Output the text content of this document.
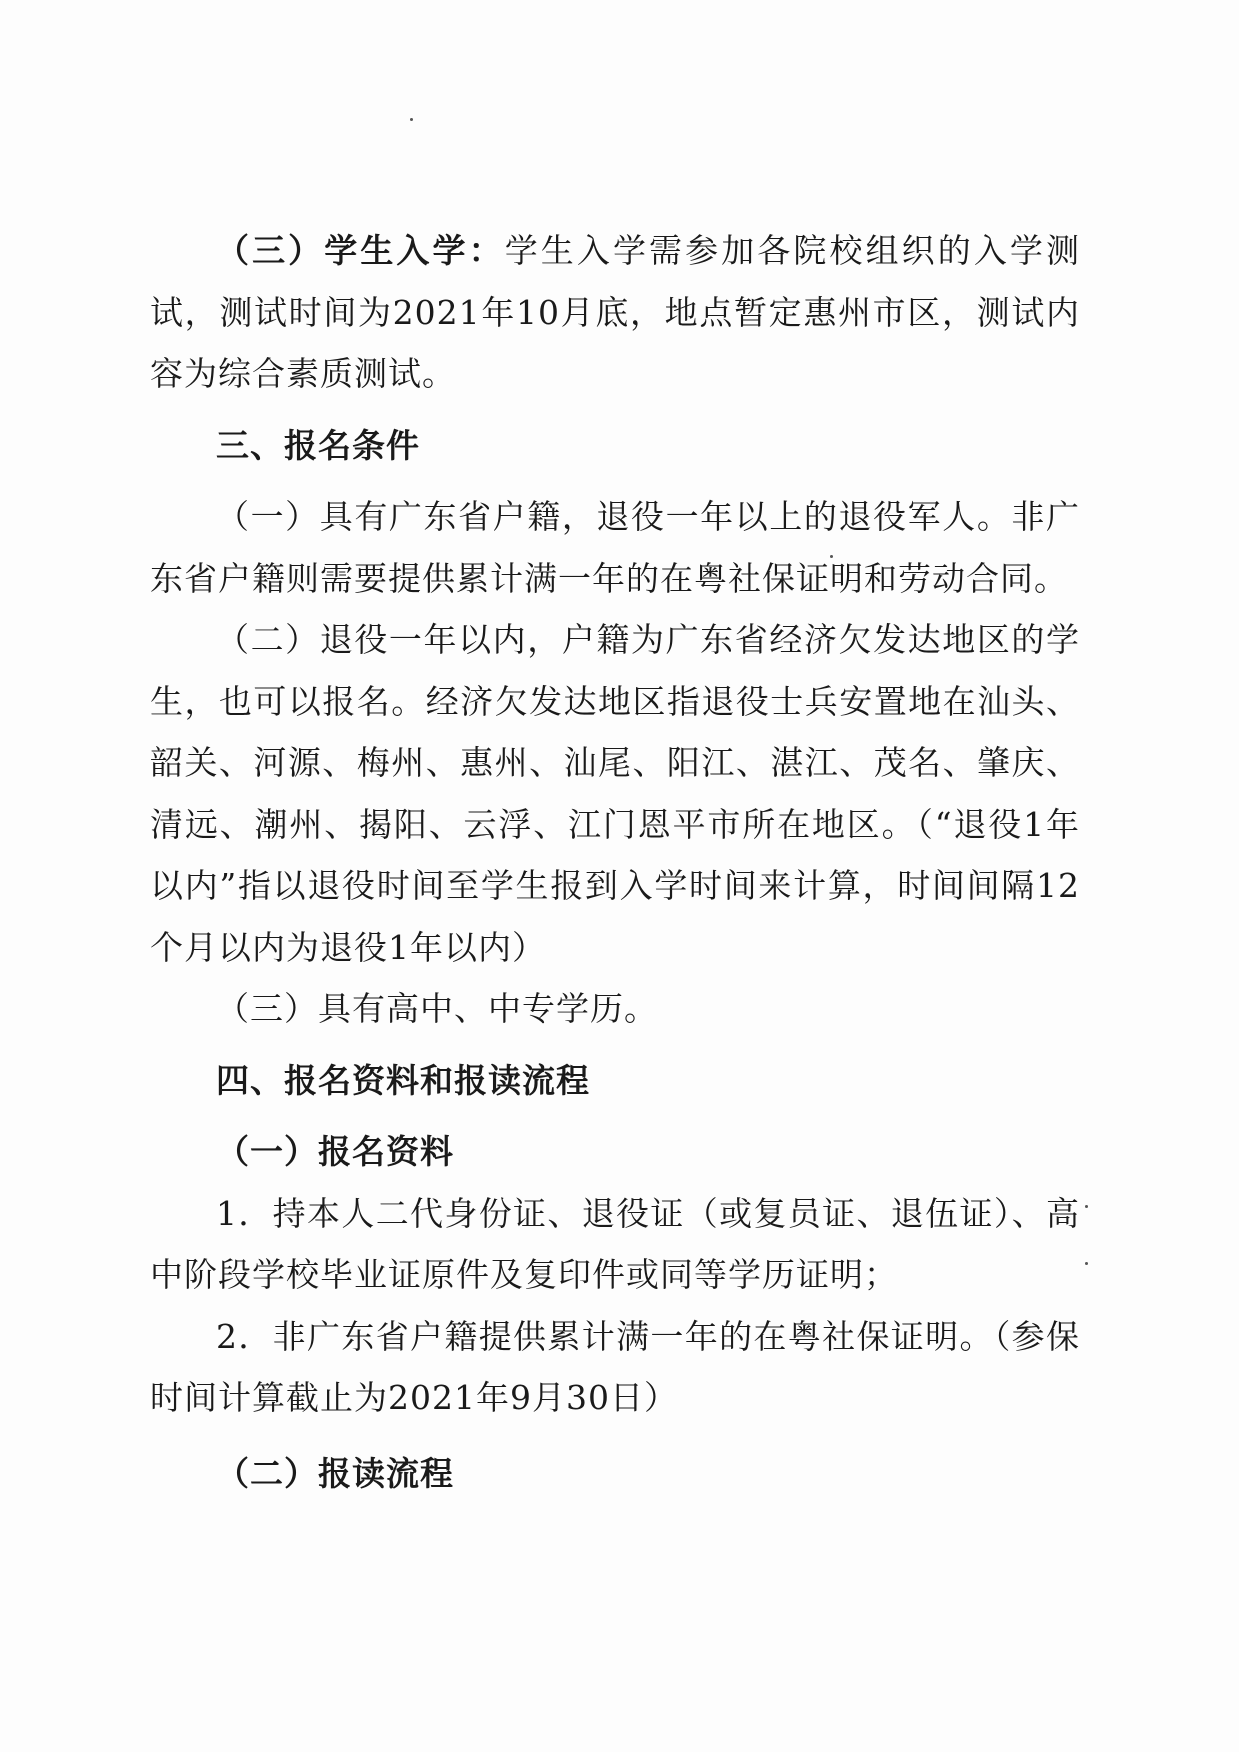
（三）学生入学：学生入学需参加各院校组织的入学测试，测试时间为2021年10月底，地点暂定惠州市区，测试内容为综合素质测试。

三、报名条件

（一）具有广东省户籍，退役一年以上的退役军人。非广东省户籍则需要提供累计满一年的在粤社保证明和劳动合同。

（二）退役一年以内，户籍为广东省经济欠发达地区的学生，也可以报名。经济欠发达地区指退役士兵安置地在汕头、韶关、河源、梅州、惠州、汕尾、阳江、湛江、茂名、肇庆、清远、潮州、揭阳、云浮、江门恩平市所在地区。（“退役1年以内”指以退役时间至学生报到入学时间来计算，时间间隔12个月以内为退役1年以内）

（三）具有高中、中专学历。

四、报名资料和报读流程

（一）报名资料

1．持本人二代身份证、退役证（或复员证、退伍证）、高中阶段学校毕业证原件及复印件或同等学历证明；

2．非广东省户籍提供累计满一年的在粤社保证明。（参保时间计算截止为2021年9月30日）

（二）报读流程
